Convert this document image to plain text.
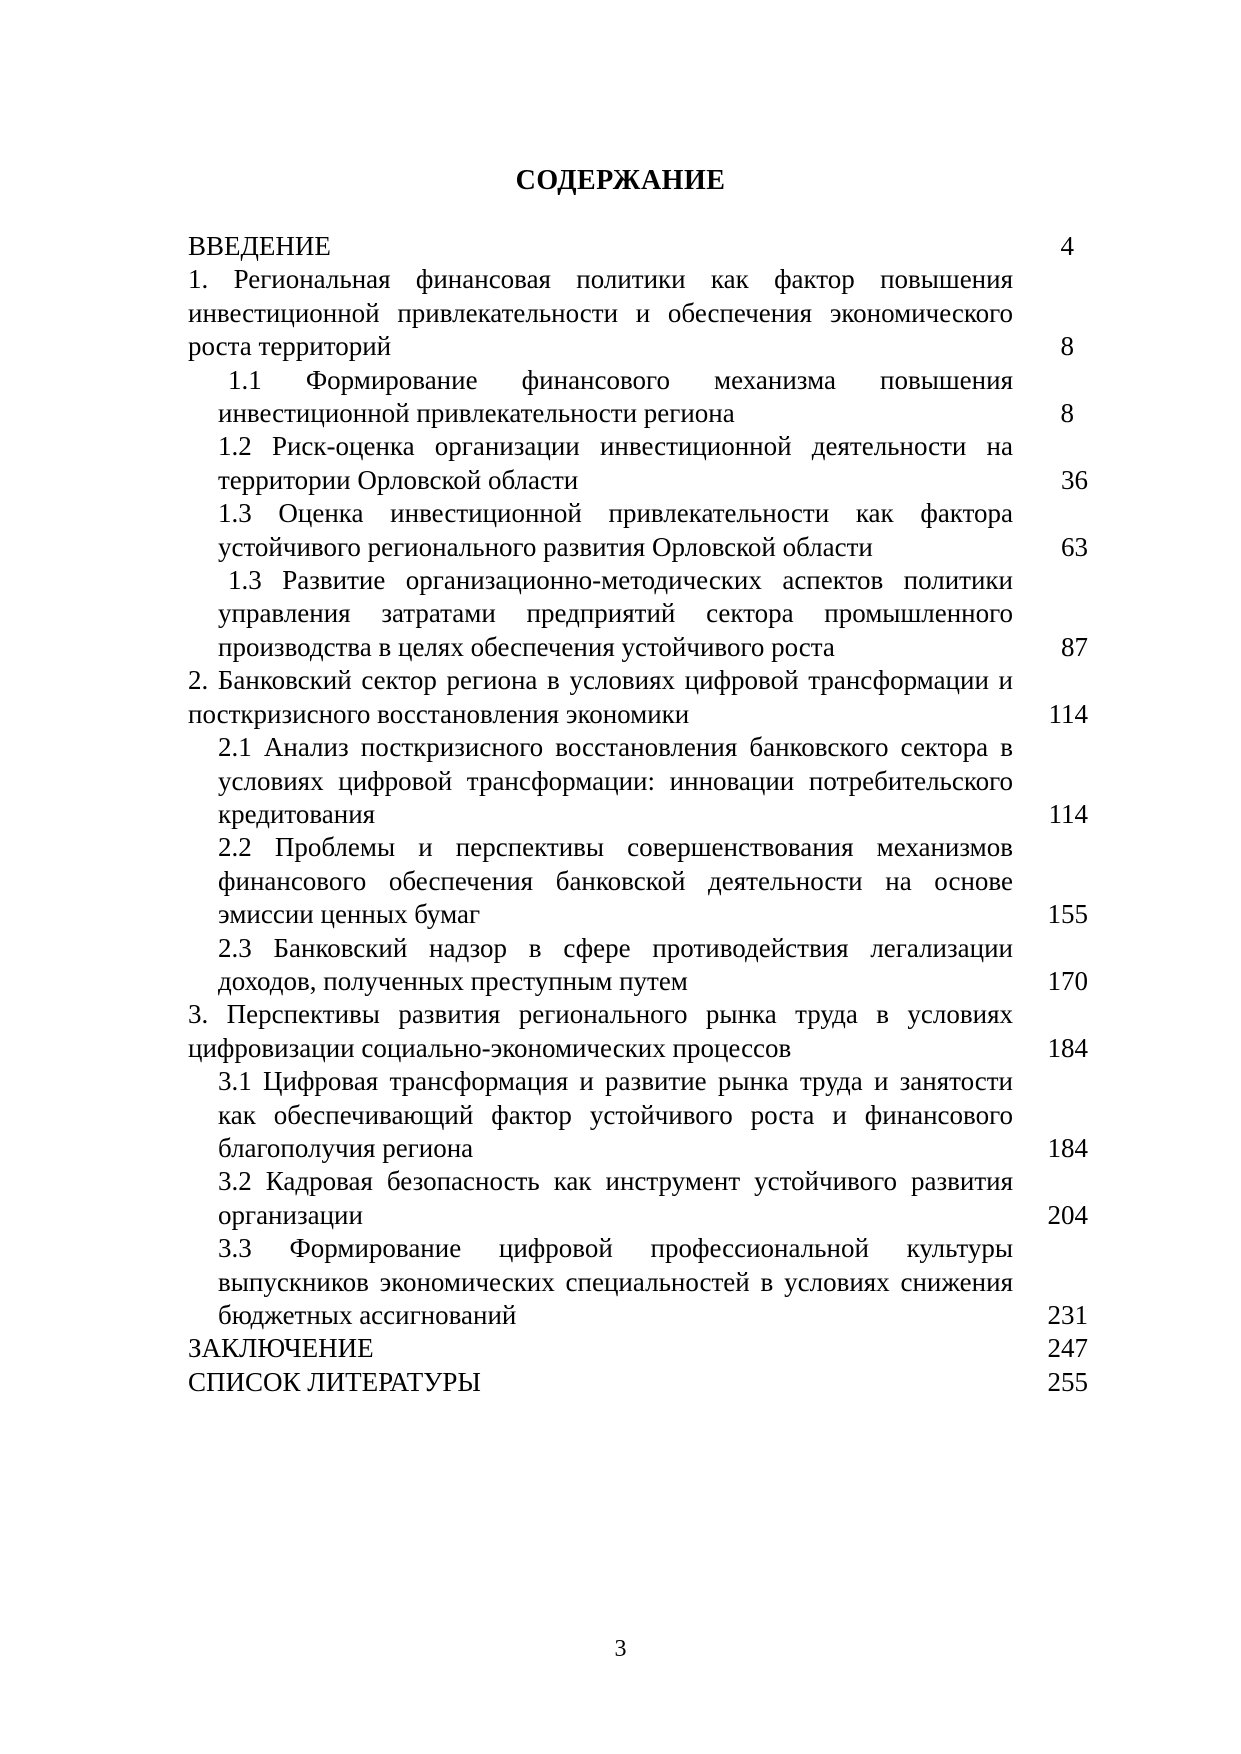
СОДЕРЖАНИЕ
ВВЕДЕНИЕ	4
1. Региональная финансовая политики как фактор повышения инвестиционной привлекательности и обеспечения экономического роста территорий	8
1.1 Формирование финансового механизма повышения инвестиционной привлекательности региона	8
1.2 Риск-оценка организации инвестиционной деятельности на территории Орловской области	36
1.3 Оценка инвестиционной привлекательности как фактора устойчивого регионального развития Орловской области	63
1.3 Развитие организационно-методических аспектов политики управления затратами предприятий сектора промышленного производства в целях обеспечения устойчивого роста	87
2. Банковский сектор региона в условиях цифровой трансформации и посткризисного восстановления экономики	114
2.1 Анализ посткризисного восстановления банковского сектора в условиях цифровой трансформации: инновации потребительского кредитования	114
2.2 Проблемы и перспективы совершенствования механизмов финансового обеспечения банковской деятельности на основе эмиссии ценных бумаг	155
2.3 Банковский надзор в сфере противодействия легализации доходов, полученных преступным путем	170
3. Перспективы развития регионального рынка труда в условиях цифровизации социально-экономических процессов	184
3.1 Цифровая трансформация и развитие рынка труда и занятости как обеспечивающий фактор устойчивого роста и финансового благополучия региона	184
3.2 Кадровая безопасность как инструмент устойчивого развития организации	204
3.3 Формирование цифровой профессиональной культуры выпускников экономических специальностей в условиях снижения бюджетных ассигнований	231
ЗАКЛЮЧЕНИЕ	247
СПИСОК ЛИТЕРАТУРЫ	255
3
